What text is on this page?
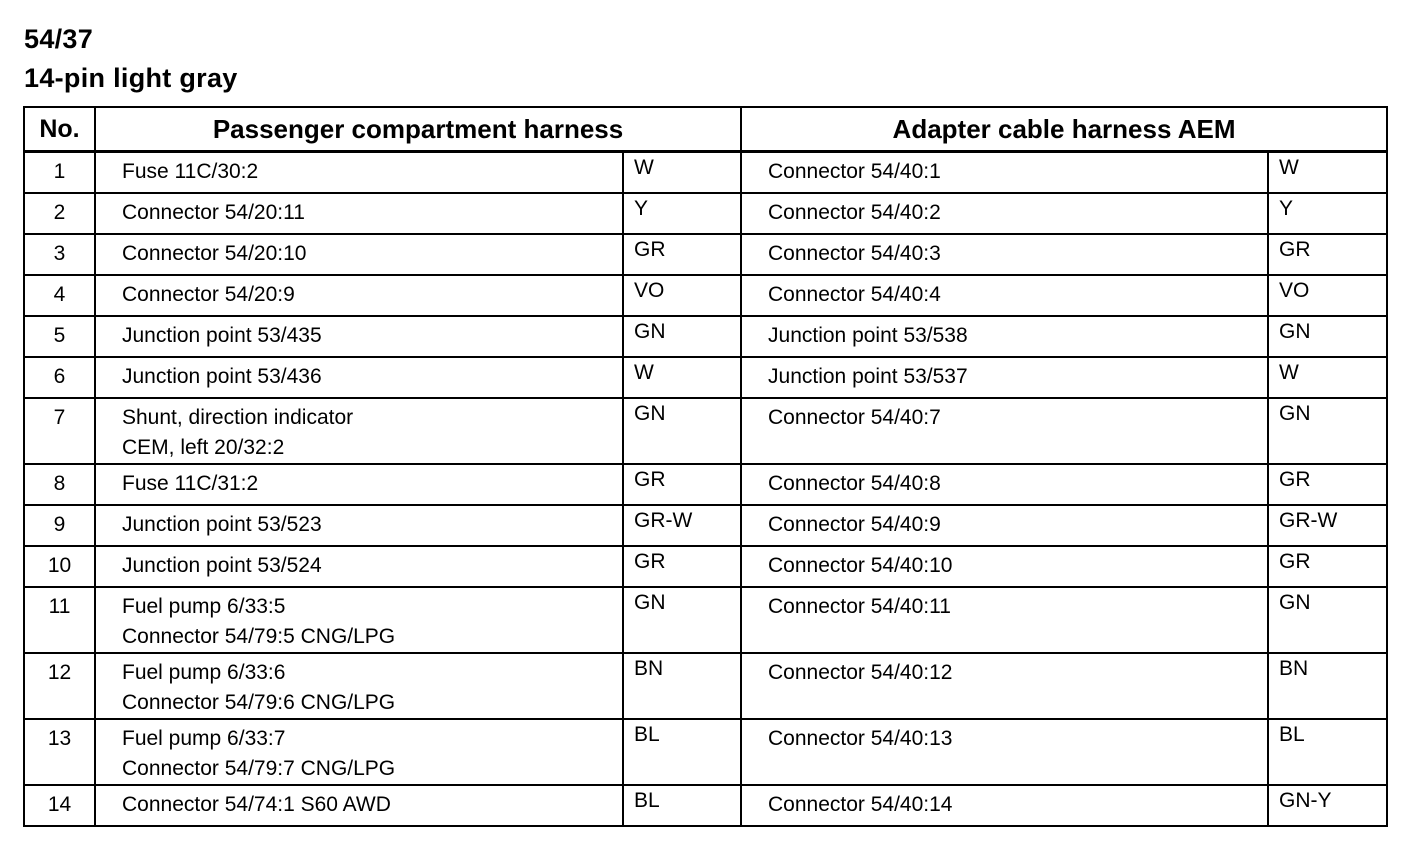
54/37
14-pin light gray
No.	Passenger compartment harness		Adapter cable harness AEM	
1	Fuse 11C/30:2	W	Connector 54/40:1	W
2	Connector 54/20:11	Y	Connector 54/40:2	Y
3	Connector 54/20:10	GR	Connector 54/40:3	GR
4	Connector 54/20:9	VO	Connector 54/40:4	VO
5	Junction point 53/435	GN	Junction point 53/538	GN
6	Junction point 53/436	W	Junction point 53/537	W
7	Shunt, direction indicator
CEM, left 20/32:2	GN	Connector 54/40:7	GN
8	Fuse 11C/31:2	GR	Connector 54/40:8	GR
9	Junction point 53/523	GR-W	Connector 54/40:9	GR-W
10	Junction point 53/524	GR	Connector 54/40:10	GR
11	Fuel pump 6/33:5
Connector 54/79:5 CNG/LPG	GN	Connector 54/40:11	GN
12	Fuel pump 6/33:6
Connector 54/79:6 CNG/LPG	BN	Connector 54/40:12	BN
13	Fuel pump 6/33:7
Connector 54/79:7 CNG/LPG	BL	Connector 54/40:13	BL
14	Connector 54/74:1 S60 AWD	BL	Connector 54/40:14	GN-Y
